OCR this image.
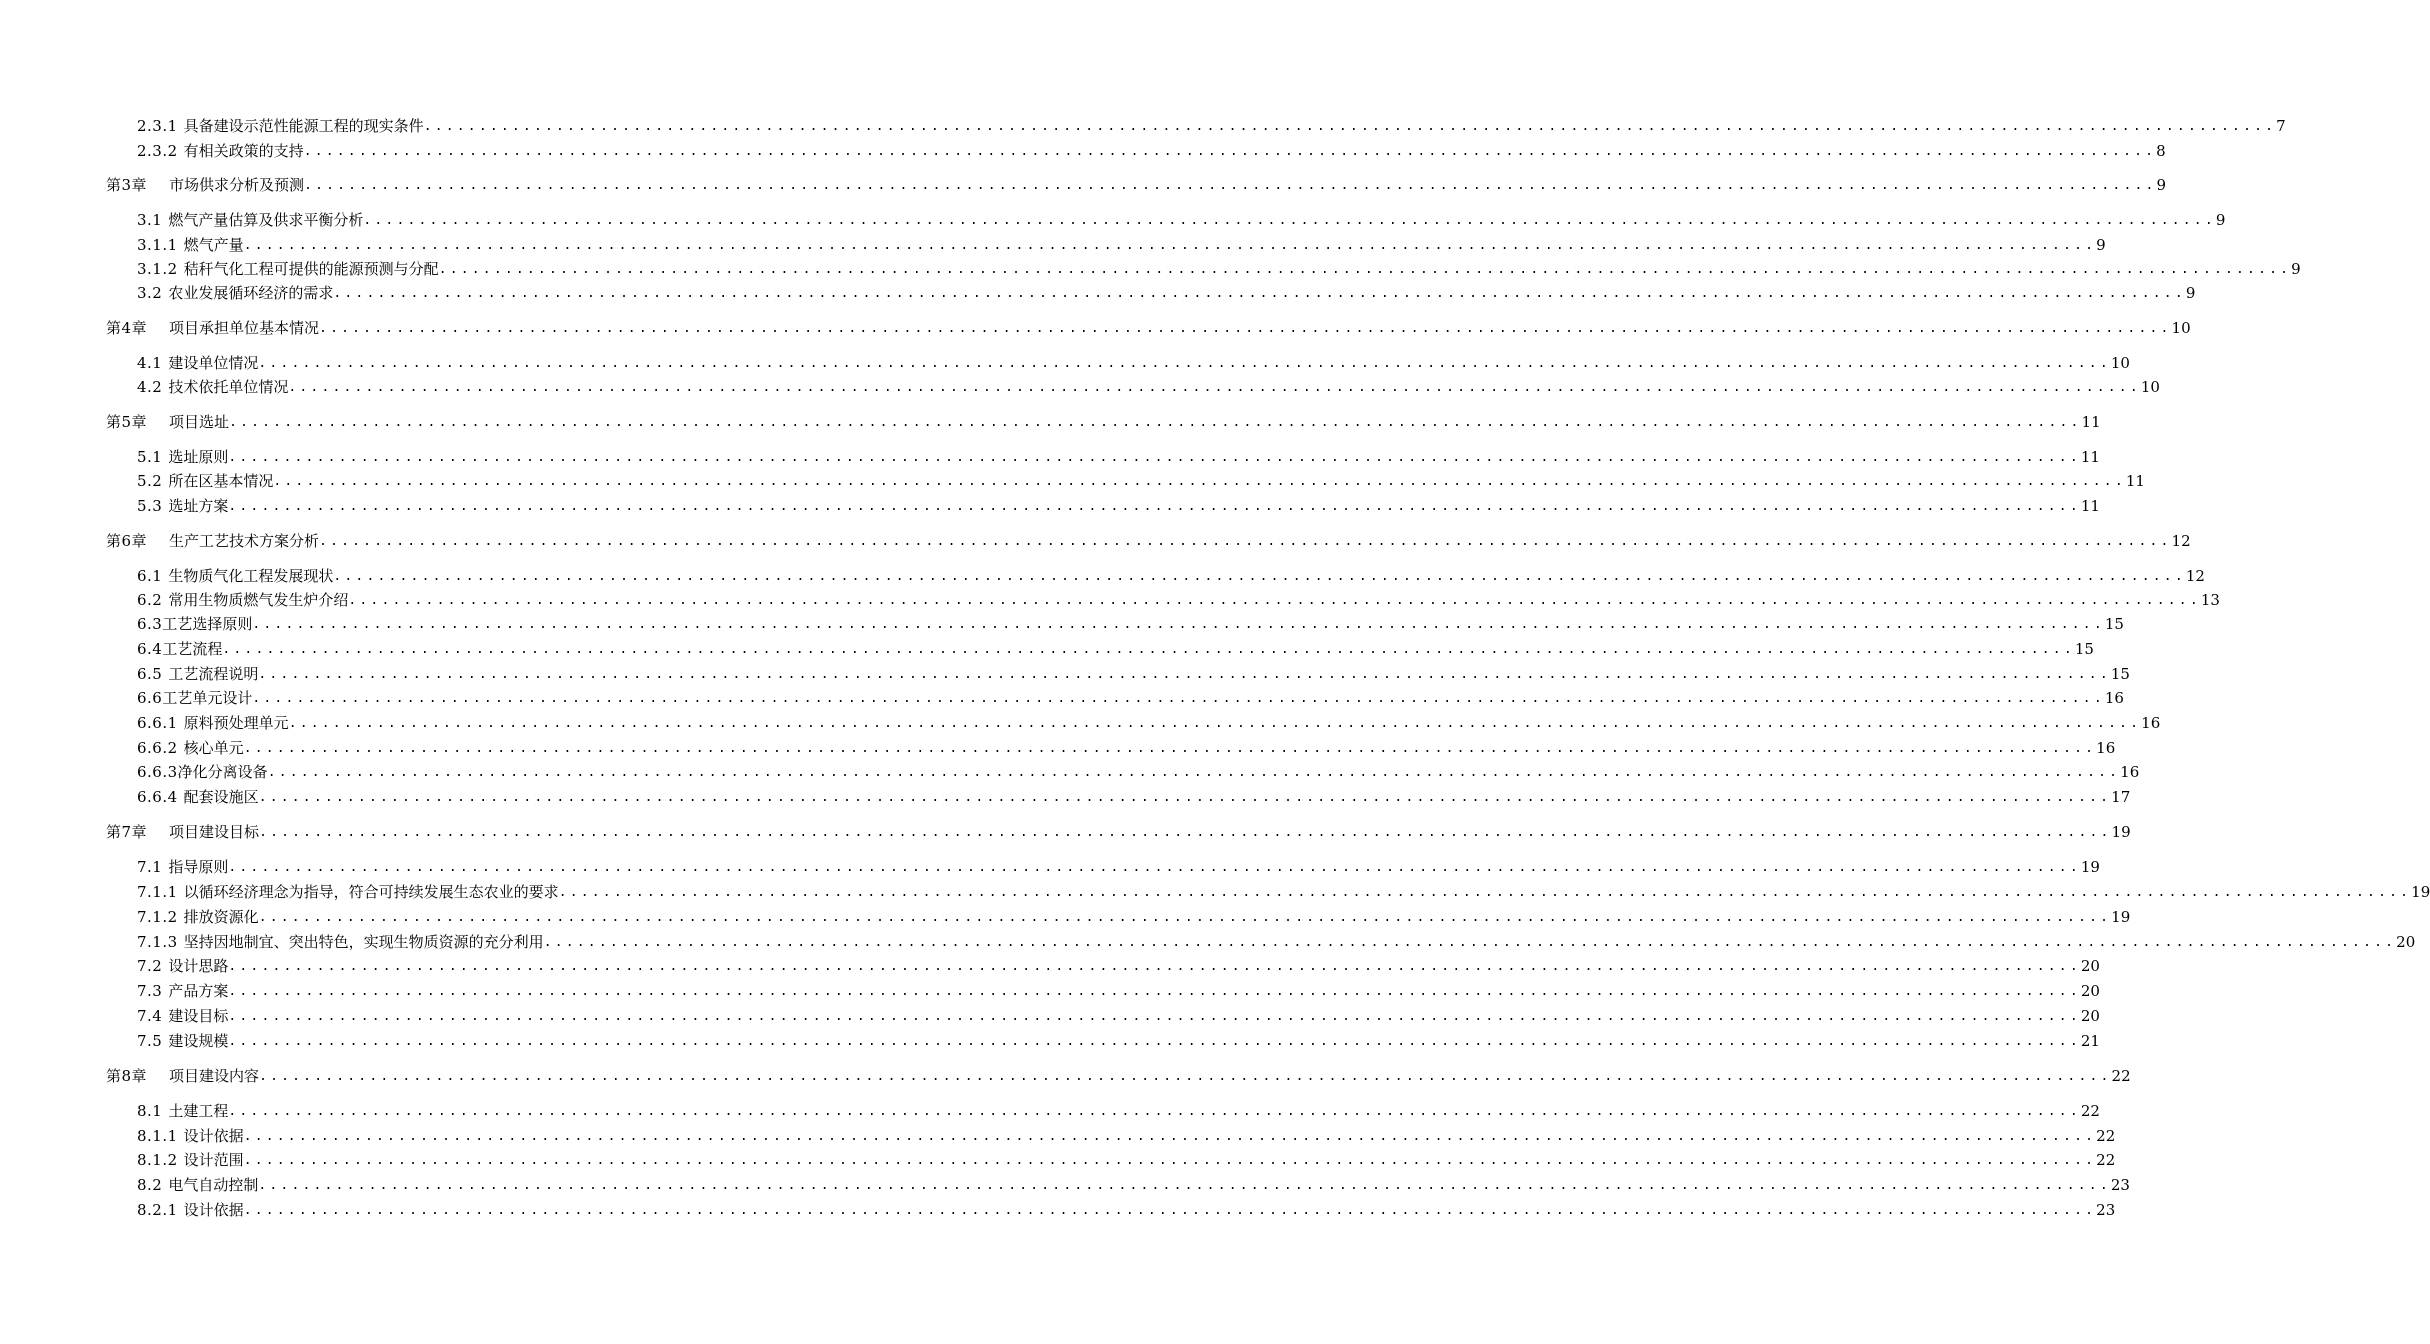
2.3.1 具备建设示范性能源工程的现实条件 ........................................................................................................................................................................ 7
2.3.2 有相关政策的支持 ........................................................................................................................................................................ 8
第3章 市场供求分析及预测 ........................................................................................................................................................................ 9
3.1 燃气产量估算及供求平衡分析 ........................................................................................................................................................................ 9
3.1.1 燃气产量 ........................................................................................................................................................................ 9
3.1.2 秸秆气化工程可提供的能源预测与分配 ........................................................................................................................................................................ 9
3.2 农业发展循环经济的需求 ........................................................................................................................................................................ 9
第4章 项目承担单位基本情况 ........................................................................................................................................................................ 10
4.1 建设单位情况 ........................................................................................................................................................................ 10
4.2 技术依托单位情况 ........................................................................................................................................................................ 10
第5章 项目选址 ........................................................................................................................................................................ 11
5.1 选址原则 ........................................................................................................................................................................ 11
5.2 所在区基本情况 ........................................................................................................................................................................ 11
5.3 选址方案 ........................................................................................................................................................................ 11
第6章 生产工艺技术方案分析 ........................................................................................................................................................................ 12
6.1 生物质气化工程发展现状 ........................................................................................................................................................................ 12
6.2 常用生物质燃气发生炉介绍 ........................................................................................................................................................................ 13
6.3 工艺选择原则 ........................................................................................................................................................................ 15
6.4 工艺流程 ........................................................................................................................................................................ 15
6.5 工艺流程说明 ........................................................................................................................................................................ 15
6.6 工艺单元设计 ........................................................................................................................................................................ 16
6.6.1 原料预处理单元 ........................................................................................................................................................................ 16
6.6.2 核心单元 ........................................................................................................................................................................ 16
6.6.3 净化分离设备 ........................................................................................................................................................................ 16
6.6.4 配套设施区 ........................................................................................................................................................................ 17
第7章 项目建设目标 ........................................................................................................................................................................ 19
7.1 指导原则 ........................................................................................................................................................................ 19
7.1.1 以循环经济理念为指导，符合可持续发展生态农业的要求 ........................................................................................................................................................................ 19
7.1.2 排放资源化 ........................................................................................................................................................................ 19
7.1.3 坚持因地制宜、突出特色，实现生物质资源的充分利用 ........................................................................................................................................................................ 20
7.2 设计思路 ........................................................................................................................................................................ 20
7.3 产品方案 ........................................................................................................................................................................ 20
7.4 建设目标 ........................................................................................................................................................................ 20
7.5 建设规模 ........................................................................................................................................................................ 21
第8章 项目建设内容 ........................................................................................................................................................................ 22
8.1 土建工程 ........................................................................................................................................................................ 22
8.1.1 设计依据 ........................................................................................................................................................................ 22
8.1.2 设计范围 ........................................................................................................................................................................ 22
8.2 电气自动控制 ........................................................................................................................................................................ 23
8.2.1 设计依据 ........................................................................................................................................................................ 23
